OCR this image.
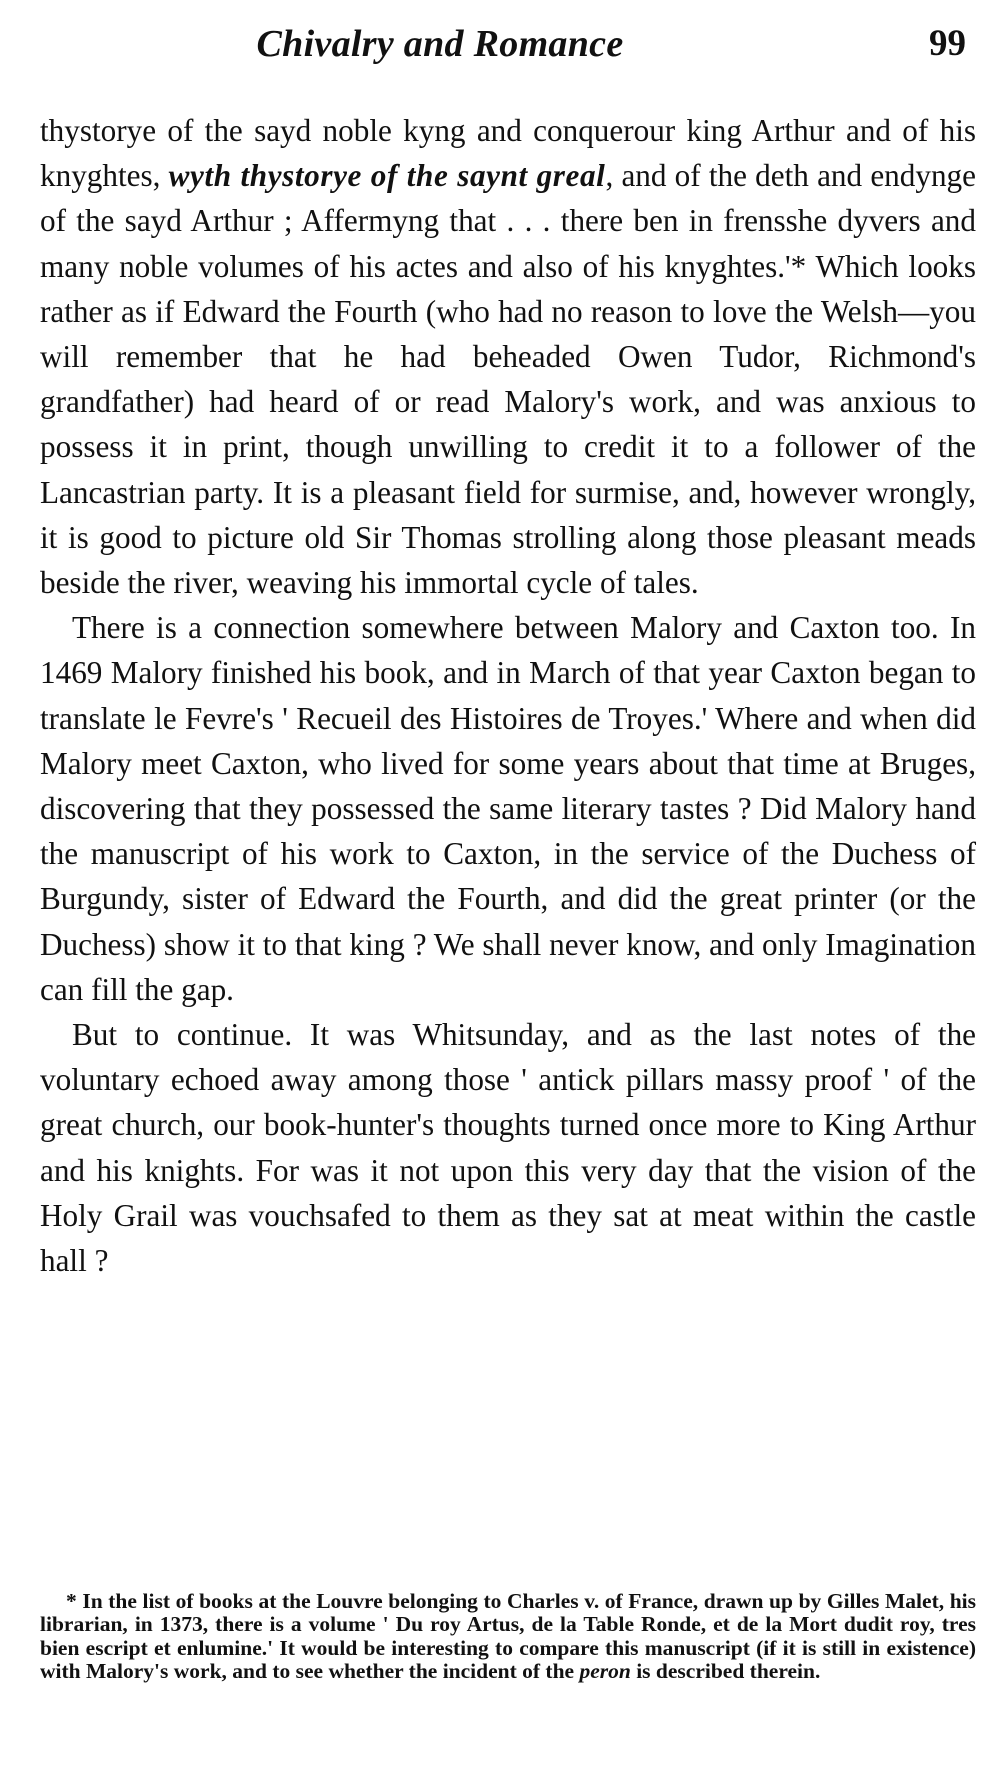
Chivalry and Romance	99

thystorye of the sayd noble kyng and conquerour king Arthur and of his knyghtes, wyth thystorye of the saynt greal, and of the deth and endynge of the sayd Arthur ; Affermyng that . . . there ben in frensshe dyvers and many noble volumes of his actes and also of his knyghtes.'* Which looks rather as if Edward the Fourth (who had no reason to love the Welsh—you will remember that he had beheaded Owen Tudor, Richmond's grandfather) had heard of or read Malory's work, and was anxious to possess it in print, though unwilling to credit it to a follower of the Lancastrian party. It is a pleasant field for surmise, and, however wrongly, it is good to picture old Sir Thomas strolling along those pleasant meads beside the river, weaving his immortal cycle of tales.

There is a connection somewhere between Malory and Caxton too. In 1469 Malory finished his book, and in March of that year Caxton began to translate le Fevre's ' Recueil des Histoires de Troyes.' Where and when did Malory meet Caxton, who lived for some years about that time at Bruges, discovering that they possessed the same literary tastes ? Did Malory hand the manuscript of his work to Caxton, in the service of the Duchess of Burgundy, sister of Edward the Fourth, and did the great printer (or the Duchess) show it to that king ? We shall never know, and only Imagination can fill the gap.

But to continue. It was Whitsunday, and as the last notes of the voluntary echoed away among those ' antick pillars massy proof ' of the great church, our book-hunter's thoughts turned once more to King Arthur and his knights. For was it not upon this very day that the vision of the Holy Grail was vouchsafed to them as they sat at meat within the castle hall ?

* In the list of books at the Louvre belonging to Charles v. of France, drawn up by Gilles Malet, his librarian, in 1373, there is a volume ' Du roy Artus, de la Table Ronde, et de la Mort dudit roy, tres bien escript et enlumine.' It would be interesting to compare this manuscript (if it is still in existence) with Malory's work, and to see whether the incident of the peron is described therein.
